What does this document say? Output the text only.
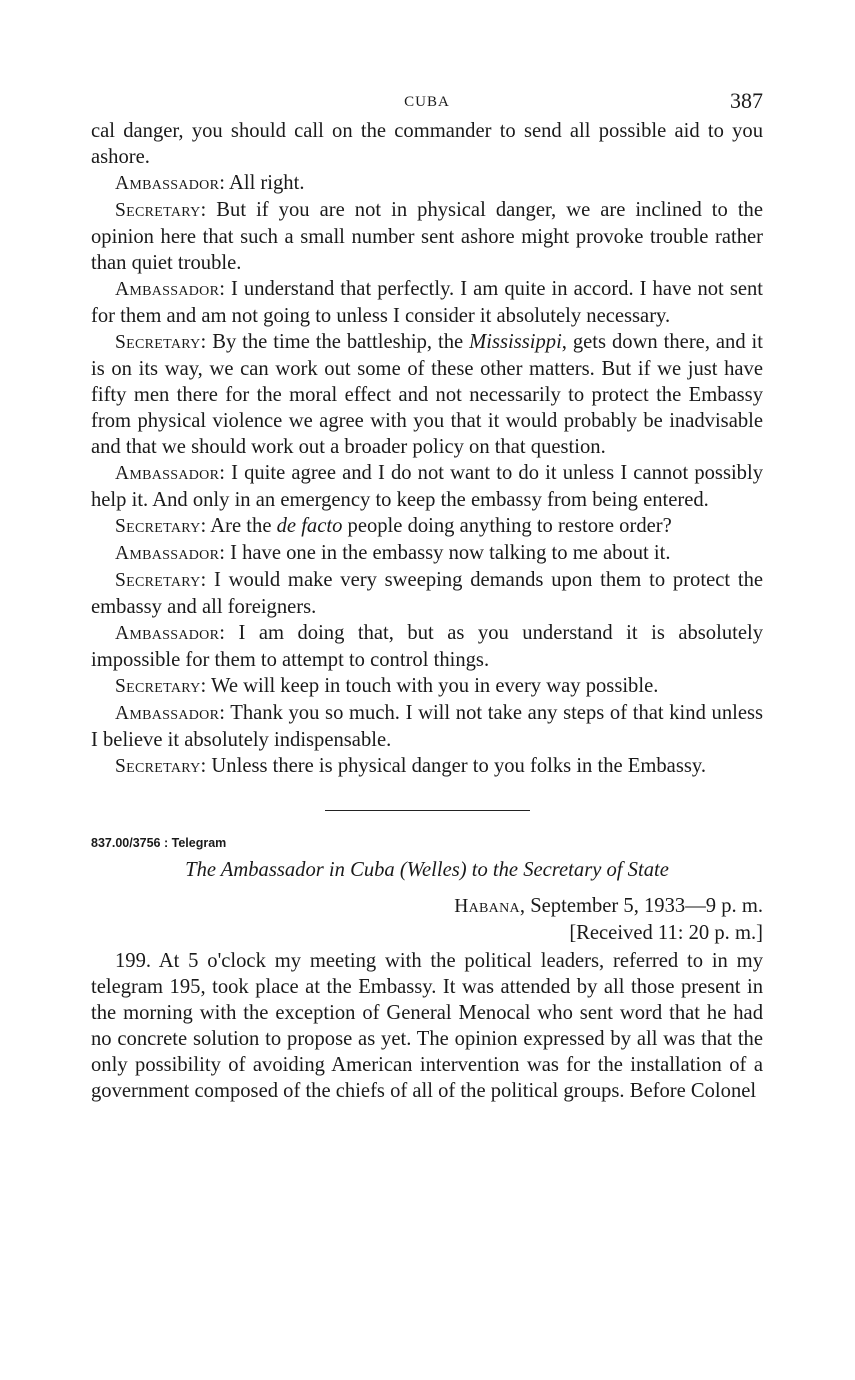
CUBA	387

cal danger, you should call on the commander to send all possible aid to you ashore.

Ambassador: All right.

Secretary: But if you are not in physical danger, we are inclined to the opinion here that such a small number sent ashore might provoke trouble rather than quiet trouble.

Ambassador: I understand that perfectly. I am quite in accord. I have not sent for them and am not going to unless I consider it absolutely necessary.

Secretary: By the time the battleship, the Mississippi, gets down there, and it is on its way, we can work out some of these other matters. But if we just have fifty men there for the moral effect and not necessarily to protect the Embassy from physical violence we agree with you that it would probably be inadvisable and that we should work out a broader policy on that question.

Ambassador: I quite agree and I do not want to do it unless I cannot possibly help it. And only in an emergency to keep the embassy from being entered.

Secretary: Are the de facto people doing anything to restore order?

Ambassador: I have one in the embassy now talking to me about it.

Secretary: I would make very sweeping demands upon them to protect the embassy and all foreigners.

Ambassador: I am doing that, but as you understand it is absolutely impossible for them to attempt to control things.

Secretary: We will keep in touch with you in every way possible.

Ambassador: Thank you so much. I will not take any steps of that kind unless I believe it absolutely indispensable.

Secretary: Unless there is physical danger to you folks in the Embassy.

837.00/3756 : Telegram
The Ambassador in Cuba (Welles) to the Secretary of State
Habana, September 5, 1933—9 p. m.
[Received 11: 20 p. m.]

199. At 5 o'clock my meeting with the political leaders, referred to in my telegram 195, took place at the Embassy. It was attended by all those present in the morning with the exception of General Menocal who sent word that he had no concrete solution to propose as yet. The opinion expressed by all was that the only possibility of avoiding American intervention was for the installation of a government composed of the chiefs of all of the political groups. Before Colonel
